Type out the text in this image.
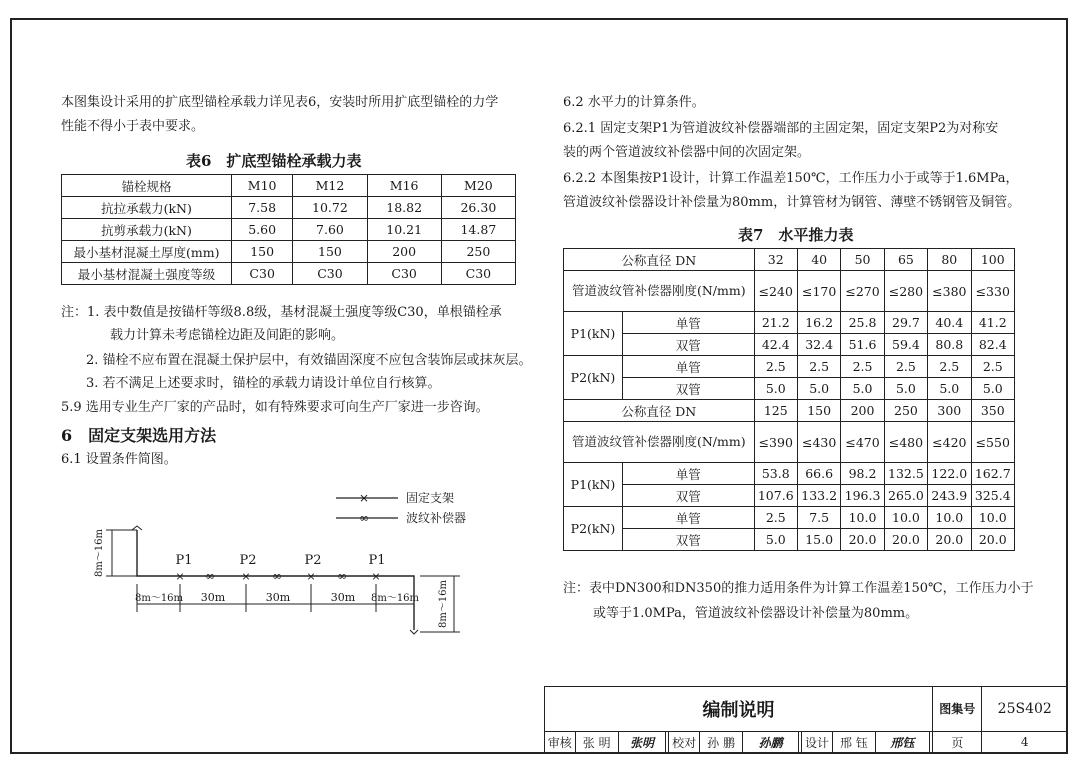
本图集设计采用的扩底型锚栓承载力详见表6，安装时所用扩底型锚栓的力学
性能不得小于表中要求。
表6　扩底型锚栓承载力表
锚栓规格	M10	M12	M16	M20
抗拉承载力(kN)	7.58	10.72	18.82	26.30
抗剪承载力(kN)	5.60	7.60	10.21	14.87
最小基材混凝土厚度(mm)	150	150	200	250
最小基材混凝土强度等级	C30	C30	C30	C30
注：1. 表中数值是按锚杆等级8.8级，基材混凝土强度等级C30，单根锚栓承
载力计算未考虑锚栓边距及间距的影响。
2. 锚栓不应布置在混凝土保护层中，有效锚固深度不应包含装饰层或抹灰层。
3. 若不满足上述要求时，锚栓的承载力请设计单位自行核算。
5.9 选用专业生产厂家的产品时，如有特殊要求可向生产厂家进一步咨询。
6　固定支架选用方法
6.1 设置条件简图。
×	固定支架
∞	波纹补偿器
×	×	×	×
∞	∞	∞
P1	P2	P2	P1
8m～16m 30m	30m	30m 8m～16m
8m～16m
8m～16m
6.2 水平力的计算条件。
6.2.1 固定支架P1为管道波纹补偿器端部的主固定架，固定支架P2为对称安
装的两个管道波纹补偿器中间的次固定架。
6.2.2 本图集按P1设计，计算工作温差150℃，工作压力小于或等于1.6MPa，
管道波纹补偿器设计补偿量为80mm，计算管材为钢管、薄壁不锈钢管及铜管。
表7　水平推力表
公称直径 DN		32	40	50	65	80	100
管道波纹管补偿器刚度(N/mm)		≤240	≤170	≤270	≤280	≤380	≤330
P1(kN)	单管	21.2	16.2	25.8	29.7	40.4	41.2
	双管	42.4	32.4	51.6	59.4	80.8	82.4
P2(kN)	单管	2.5	2.5	2.5	2.5	2.5	2.5
	双管	5.0	5.0	5.0	5.0	5.0	5.0
公称直径 DN		125	150	200	250	300	350
管道波纹管补偿器刚度(N/mm)		≤390	≤430	≤470	≤480	≤420	≤550
P1(kN)	单管	53.8	66.6	98.2	132.5	122.0	162.7
	双管	107.6	133.2	196.3	265.0	243.9	325.4
P2(kN)	单管	2.5	7.5	10.0	10.0	10.0	10.0
	双管	5.0	15.0	20.0	20.0	20.0	20.0
注：表中DN300和DN350的推力适用条件为计算工作温差150℃，工作压力小于
或等于1.0MPa，管道波纹补偿器设计补偿量为80mm。
编制说明												图集号	25S402
审核	张 明	张明		校对	孙 鹏	孙鹏		设计	邢 钰	邢钰		页	4
